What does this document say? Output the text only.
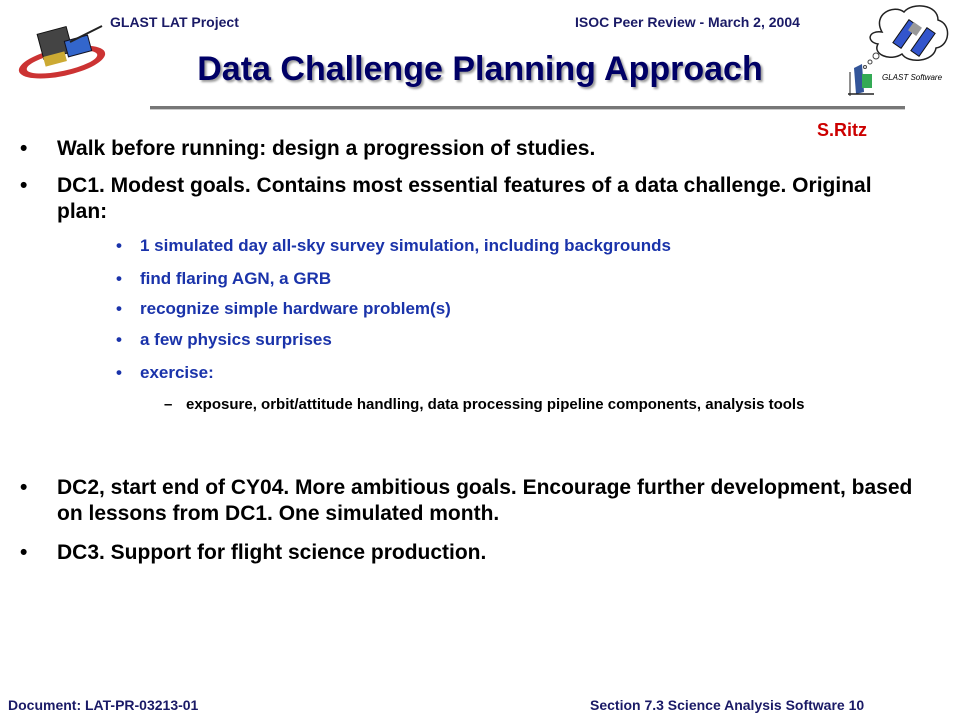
GLAST LAT Project	ISOC Peer Review - March 2, 2004
GLAST Software
Data Challenge Planning Approach
S.Ritz
• Walk before running: design a progression of studies.
• DC1. Modest goals. Contains most essential features of a data challenge. Original plan:
• 1 simulated day all-sky survey simulation, including backgrounds
• find flaring AGN, a GRB
• recognize simple hardware problem(s)
• a few physics surprises
• exercise:
– exposure, orbit/attitude handling, data processing pipeline components, analysis tools
• DC2, start end of CY04. More ambitious goals. Encourage further development, based on lessons from DC1. One simulated month.
• DC3. Support for flight science production.
Document: LAT-PR-03213-01	Section 7.3 Science Analysis Software 10
